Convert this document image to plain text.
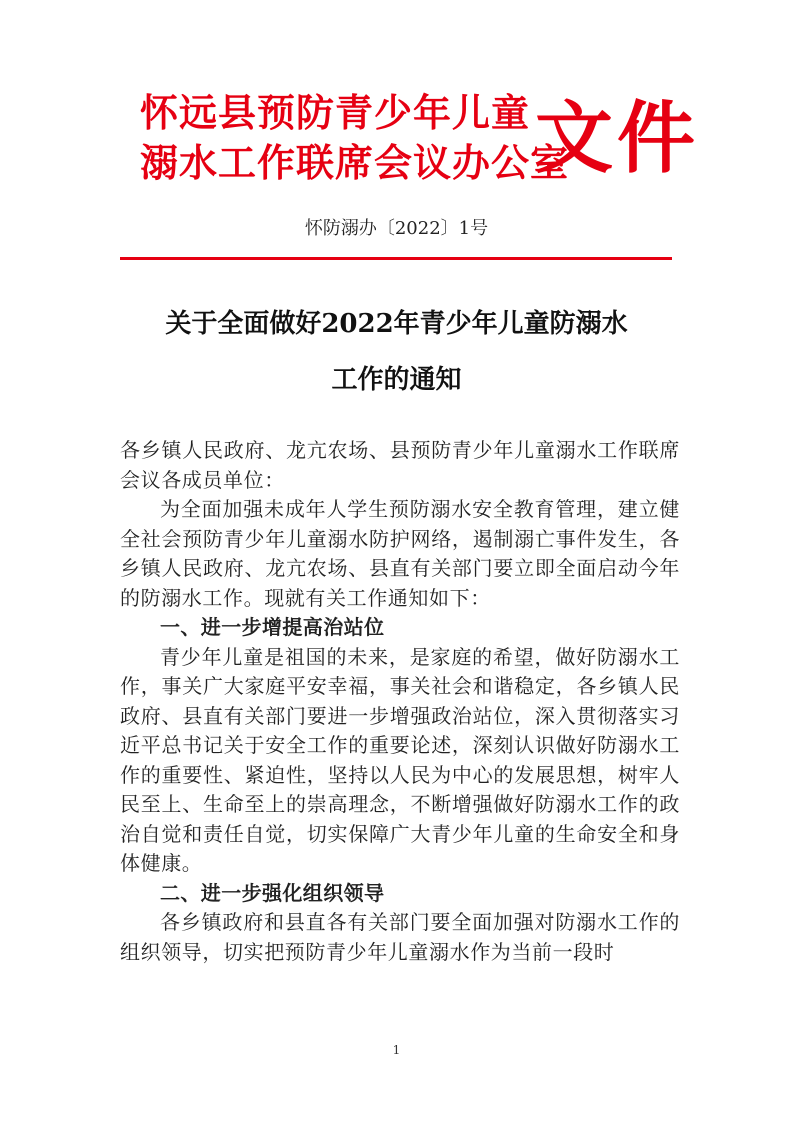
怀远县预防青少年儿童
溺水工作联席会议办公室
文件
怀防溺办〔2022〕1号
关于全面做好2022年青少年儿童防溺水
工作的通知

各乡镇人民政府、龙亢农场、县预防青少年儿童溺水工作联席会议各成员单位：

为全面加强未成年人学生预防溺水安全教育管理，建立健全社会预防青少年儿童溺水防护网络，遏制溺亡事件发生，各乡镇人民政府、龙亢农场、县直有关部门要立即全面启动今年的防溺水工作。现就有关工作通知如下：

一、进一步增提高治站位

青少年儿童是祖国的未来，是家庭的希望，做好防溺水工作，事关广大家庭平安幸福，事关社会和谐稳定，各乡镇人民政府、县直有关部门要进一步增强政治站位，深入贯彻落实习近平总书记关于安全工作的重要论述，深刻认识做好防溺水工作的重要性、紧迫性，坚持以人民为中心的发展思想，树牢人民至上、生命至上的崇高理念，不断增强做好防溺水工作的政治自觉和责任自觉，切实保障广大青少年儿童的生命安全和身体健康。

二、进一步强化组织领导

各乡镇政府和县直各有关部门要全面加强对防溺水工作的组织领导，切实把预防青少年儿童溺水作为当前一段时

1
